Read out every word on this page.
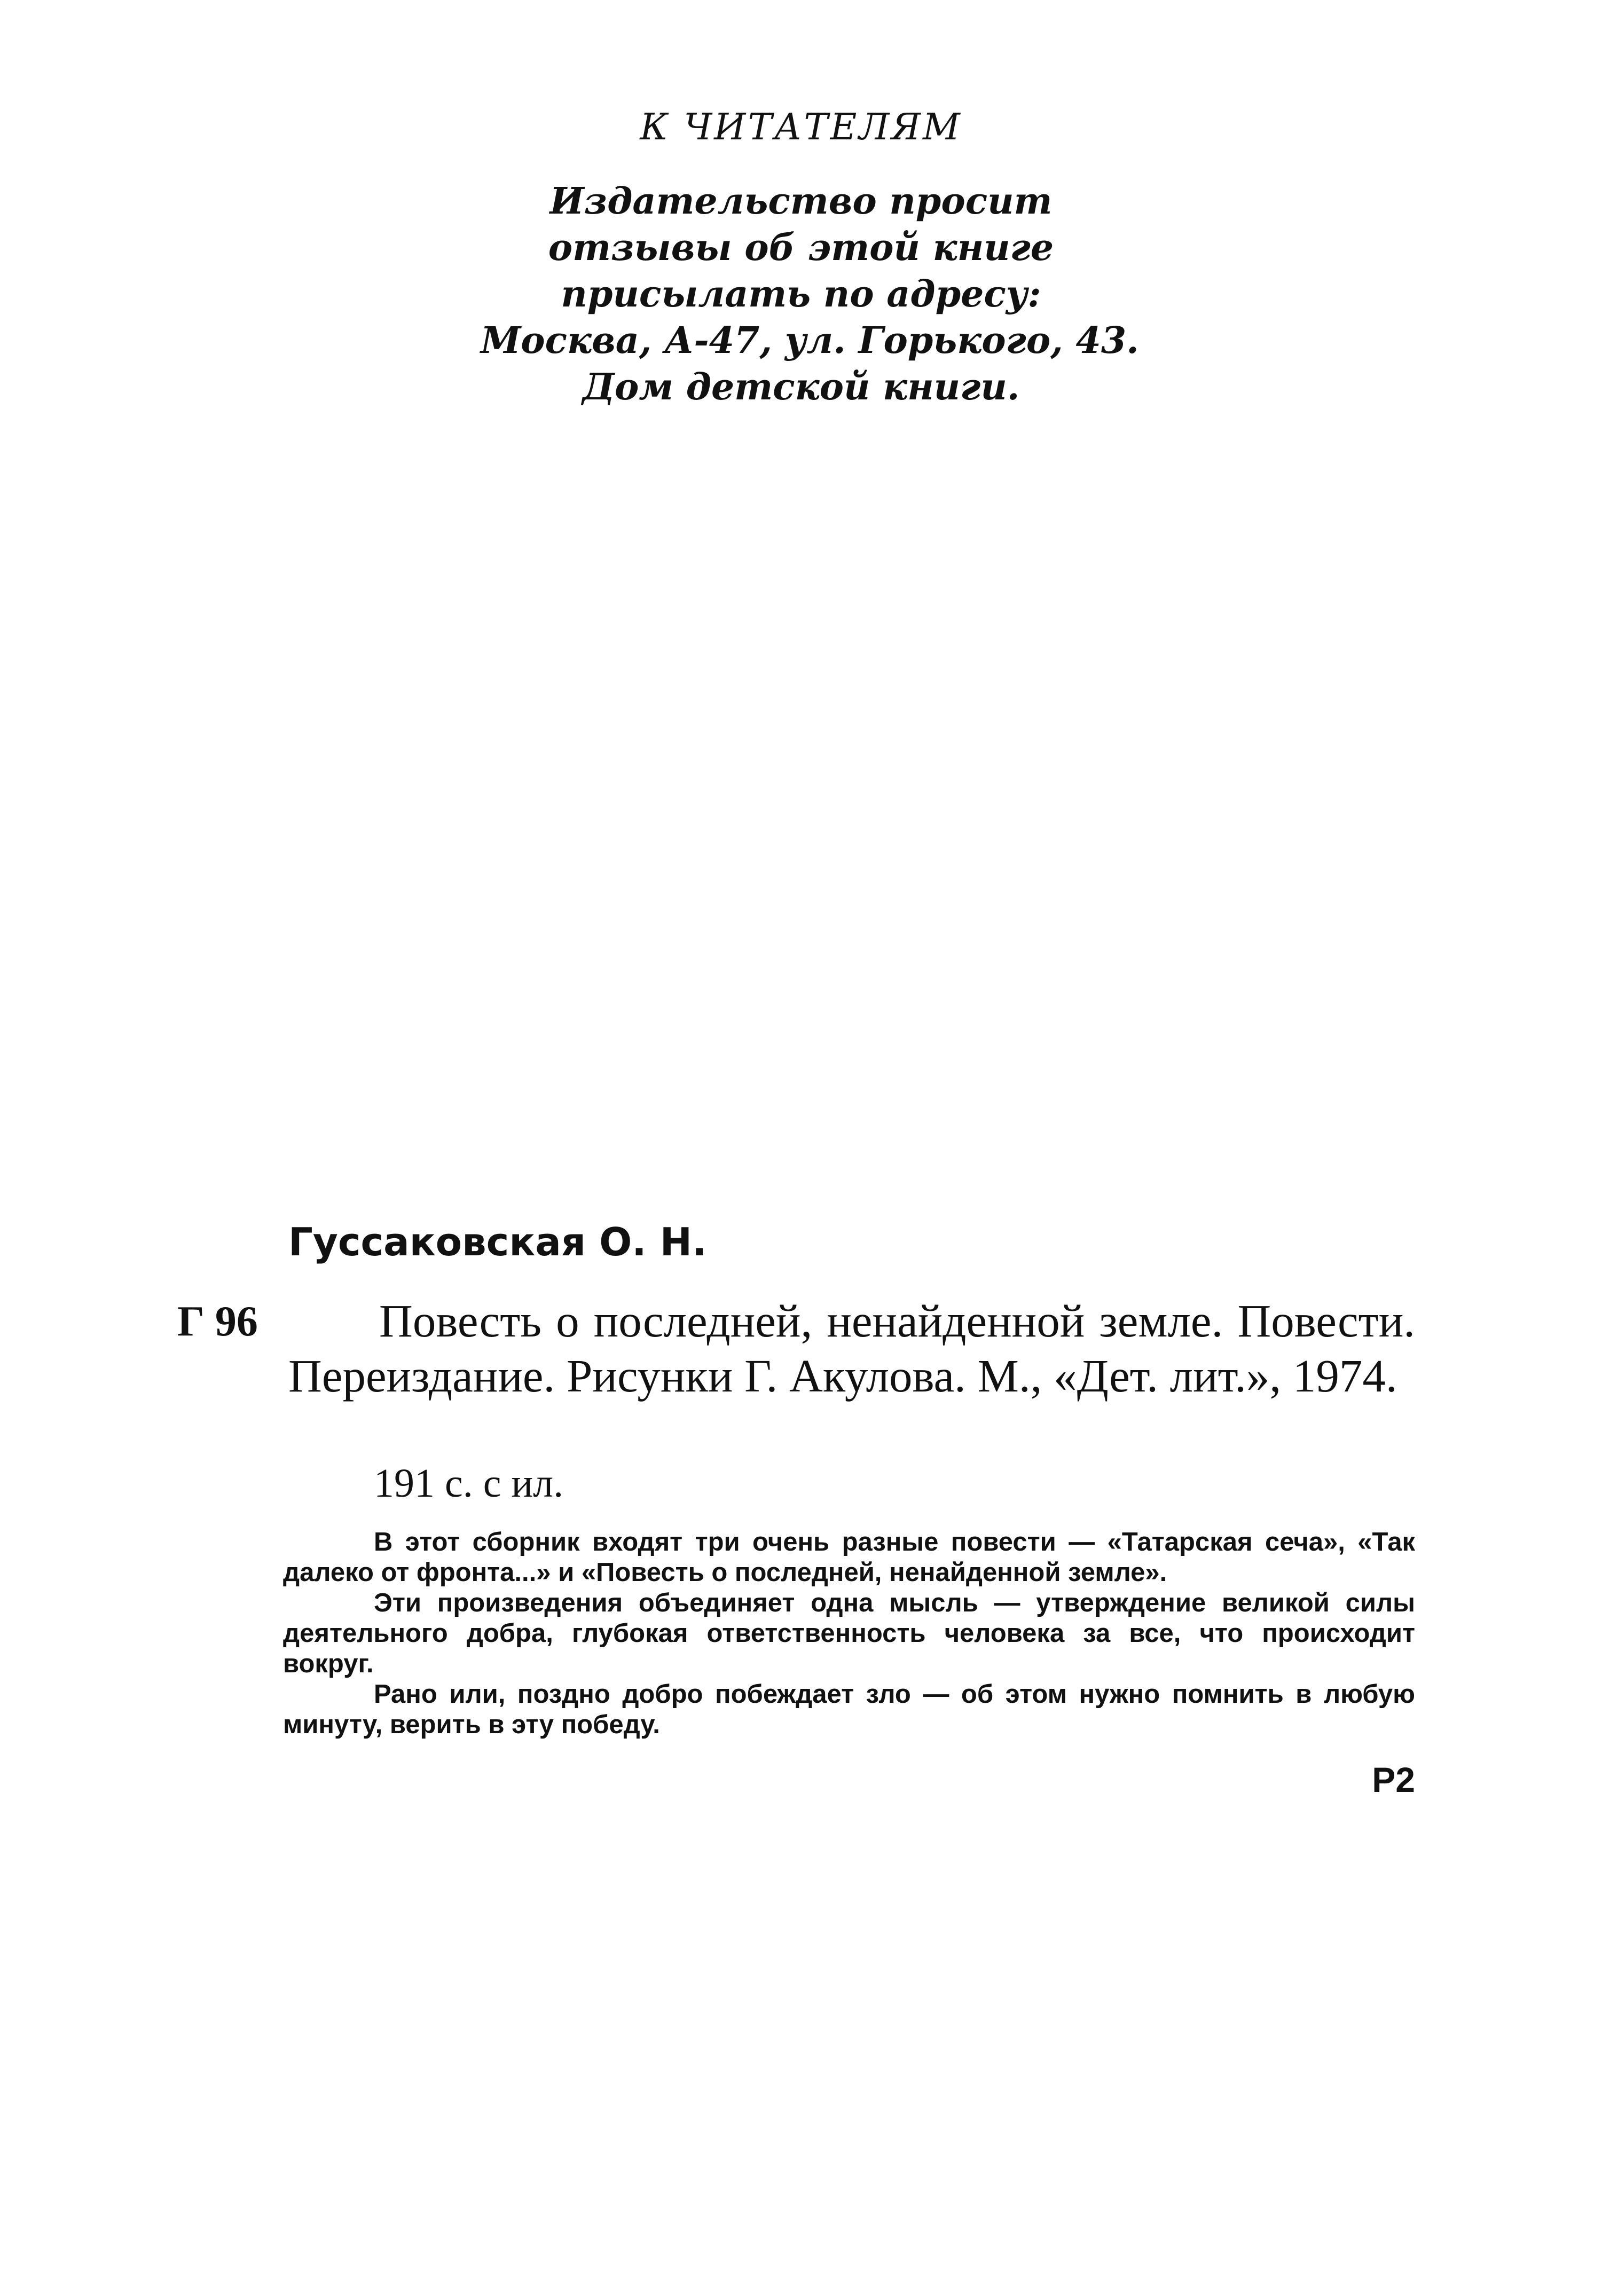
К ЧИТАТЕЛЯМ
Издательство просит
отзывы об этой книге
присылать по адресу:
Москва, А-47, ул. Горького, 43.
Дом детской книги.
Гуссаковская О. Н.
Г 96	Повесть о последней, ненайденной земле. Повести. Переиздание. Рисунки Г. Акулова. М., «Дет. лит.», 1974.
191 с. с ил.

В этот сборник входят три очень разные повести — «Татарская сеча», «Так далеко от фронта...» и «Повесть о последней, ненайденной земле».

Эти произведения объединяет одна мысль — утверждение великой силы деятельного добра, глубокая ответственность человека за все, что происходит вокруг.

Рано или, поздно добро побеждает зло — об этом нужно помнить в любую минуту, верить в эту победу.

Р2
